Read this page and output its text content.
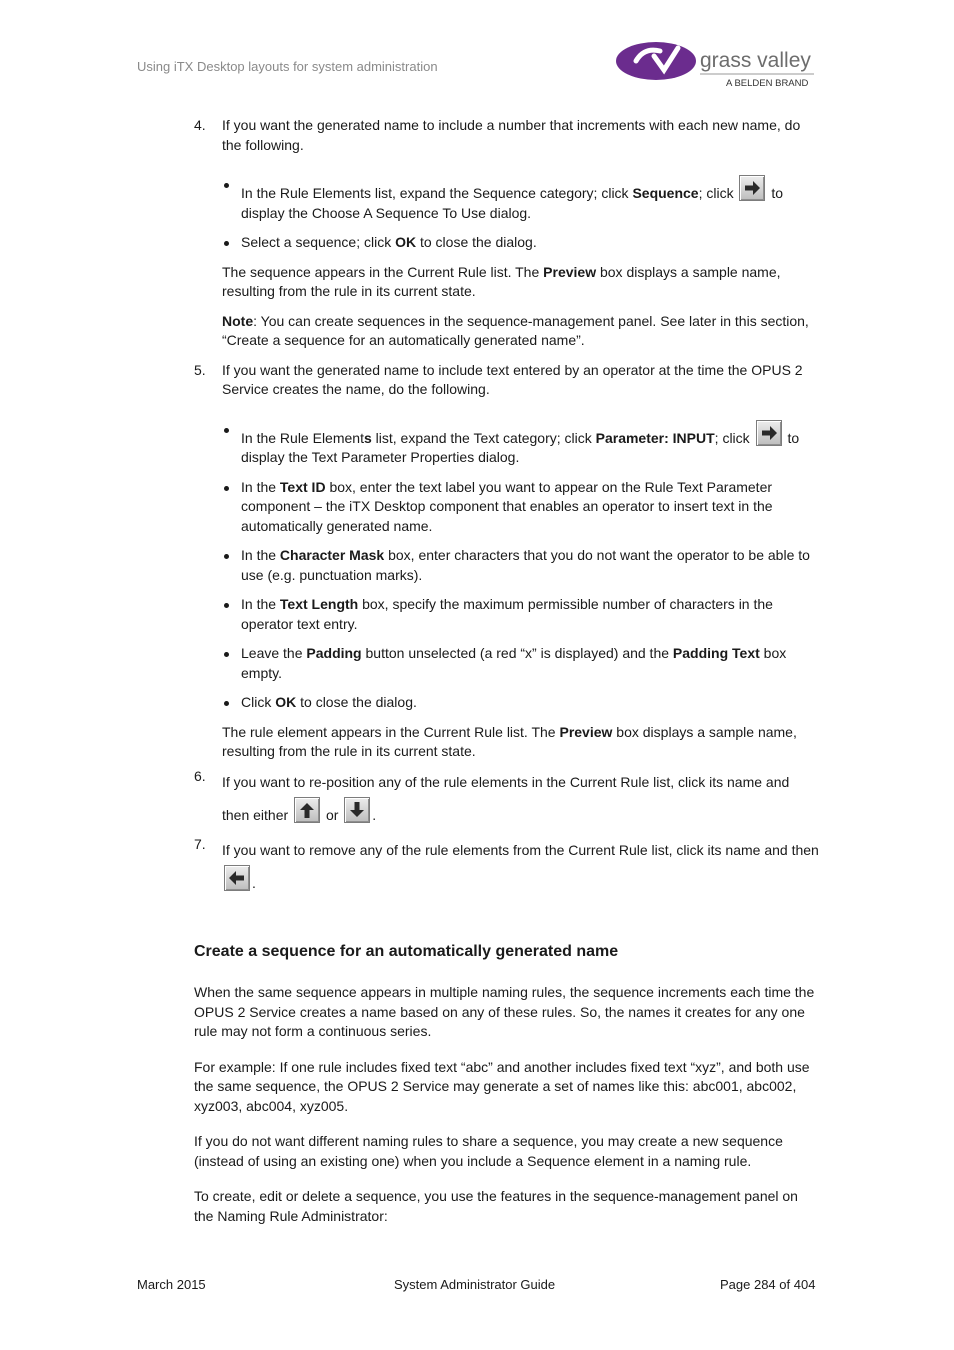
Using iTX Desktop layouts for system administration	grass valley
A BELDEN BRAND
4. If you want the generated name to include a number that increments with each new name, do the following.

In the Rule Elements list, expand the Sequence category; click Sequence; click
to display the Choose A Sequence To Use dialog.
Select a sequence; click OK to close the dialog.

The sequence appears in the Current Rule list. The Preview box displays a sample name, resulting from the rule in its current state.

Note: You can create sequences in the sequence-management panel. See later in this section, “Create a sequence for an automatically generated name”.

5. If you want the generated name to include text entered by an operator at the time the OPUS 2 Service creates the name, do the following.

In the Rule Elements list, expand the Text category; click Parameter: INPUT; click
to display the Text Parameter Properties dialog.
In the Text ID box, enter the text label you want to appear on the Rule Text Parameter component – the iTX Desktop component that enables an operator to insert text in the automatically generated name.
In the Character Mask box, enter characters that you do not want the operator to be able to use (e.g. punctuation marks).
In the Text Length box, specify the maximum permissible number of characters in the operator text entry.
Leave the Padding button unselected (a red “x” is displayed) and the Padding Text box empty.
Click OK to close the dialog.

The rule element appears in the Current Rule list. The Preview box displays a sample name, resulting from the rule in its current state.

6. If you want to re-position any of the rule elements in the Current Rule list, click its name and then either
or
.

7. If you want to remove any of the rule elements from the Current Rule list, click its name and then
.

Create a sequence for an automatically generated name

When the same sequence appears in multiple naming rules, the sequence increments each time the OPUS 2 Service creates a name based on any of these rules. So, the names it creates for any one rule may not form a continuous series.

For example: If one rule includes fixed text “abc” and another includes fixed text “xyz”, and both use the same sequence, the OPUS 2 Service may generate a set of names like this: abc001, abc002, xyz003, abc004, xyz005.

If you do not want different naming rules to share a sequence, you may create a new sequence (instead of using an existing one) when you include a Sequence element in a naming rule.

To create, edit or delete a sequence, you use the features in the sequence-management panel on the Naming Rule Administrator:

March 2015	System Administrator Guide	Page 284 of 404
